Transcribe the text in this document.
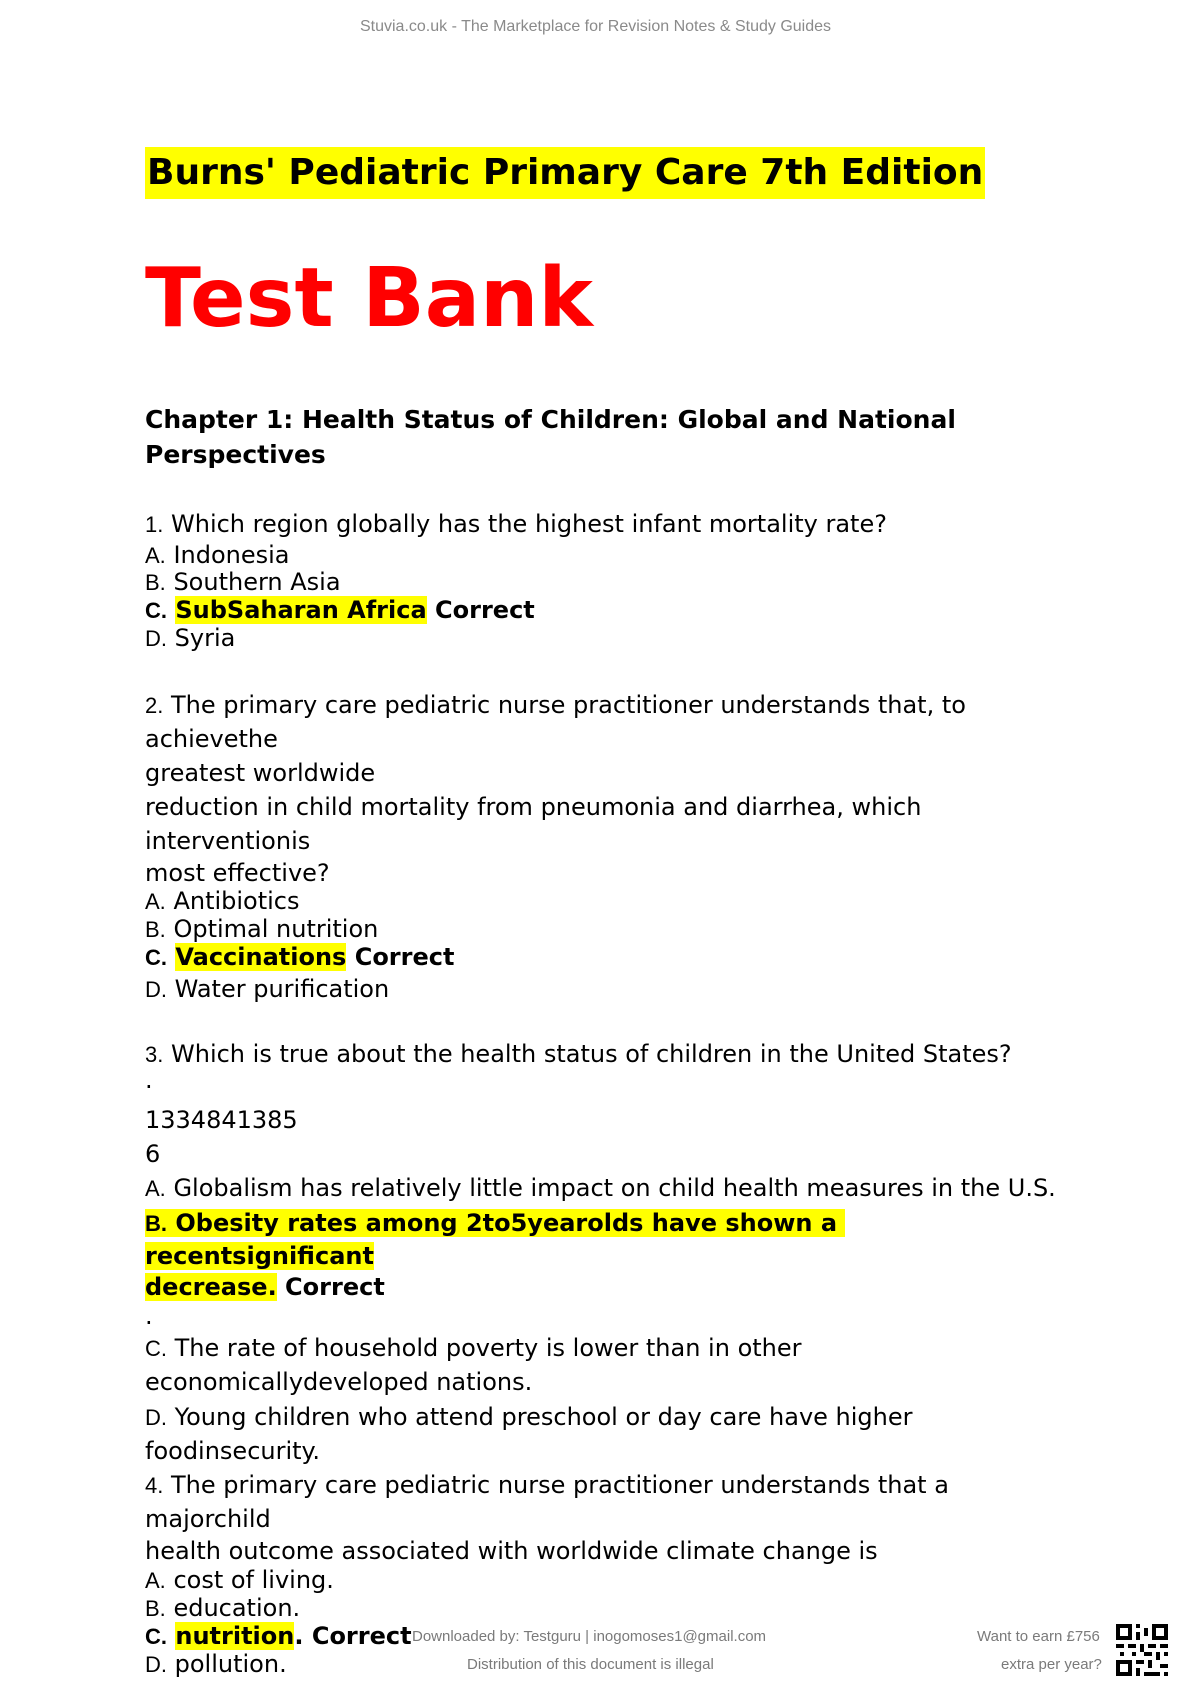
Stuvia.co.uk - The Marketplace for Revision Notes & Study Guides
Burns' Pediatric Primary Care 7th Edition
Test Bank
Chapter 1: Health Status of Children: Global and National
Perspectives
1. Which region globally has the highest infant mortality rate?
A. Indonesia
B. Southern Asia
C. SubSaharan Africa Correct
D. Syria
2. The primary care pediatric nurse practitioner understands that, to
achievethe
greatest worldwide
reduction in child mortality from pneumonia and diarrhea, which
interventionis
most effective?
A. Antibiotics
B. Optimal nutrition
C. Vaccinations Correct
D. Water purification
3. Which is true about the health status of children in the United States?
.
1334841385
6
A. Globalism has relatively little impact on child health measures in the U.S.
B. Obesity rates among 2to5yearolds have shown a
recentsignificant
decrease. Correct
.
C. The rate of household poverty is lower than in other
economicallydeveloped nations.
D. Young children who attend preschool or day care have higher
foodinsecurity.
4. The primary care pediatric nurse practitioner understands that a
majorchild
health outcome associated with worldwide climate change is
A. cost of living.
B. education.
C. nutrition. Correct
D. pollution.
Downloaded by: Testguru | inogomoses1@gmail.com
Distribution of this document is illegal
Want to earn £756
extra per year?
